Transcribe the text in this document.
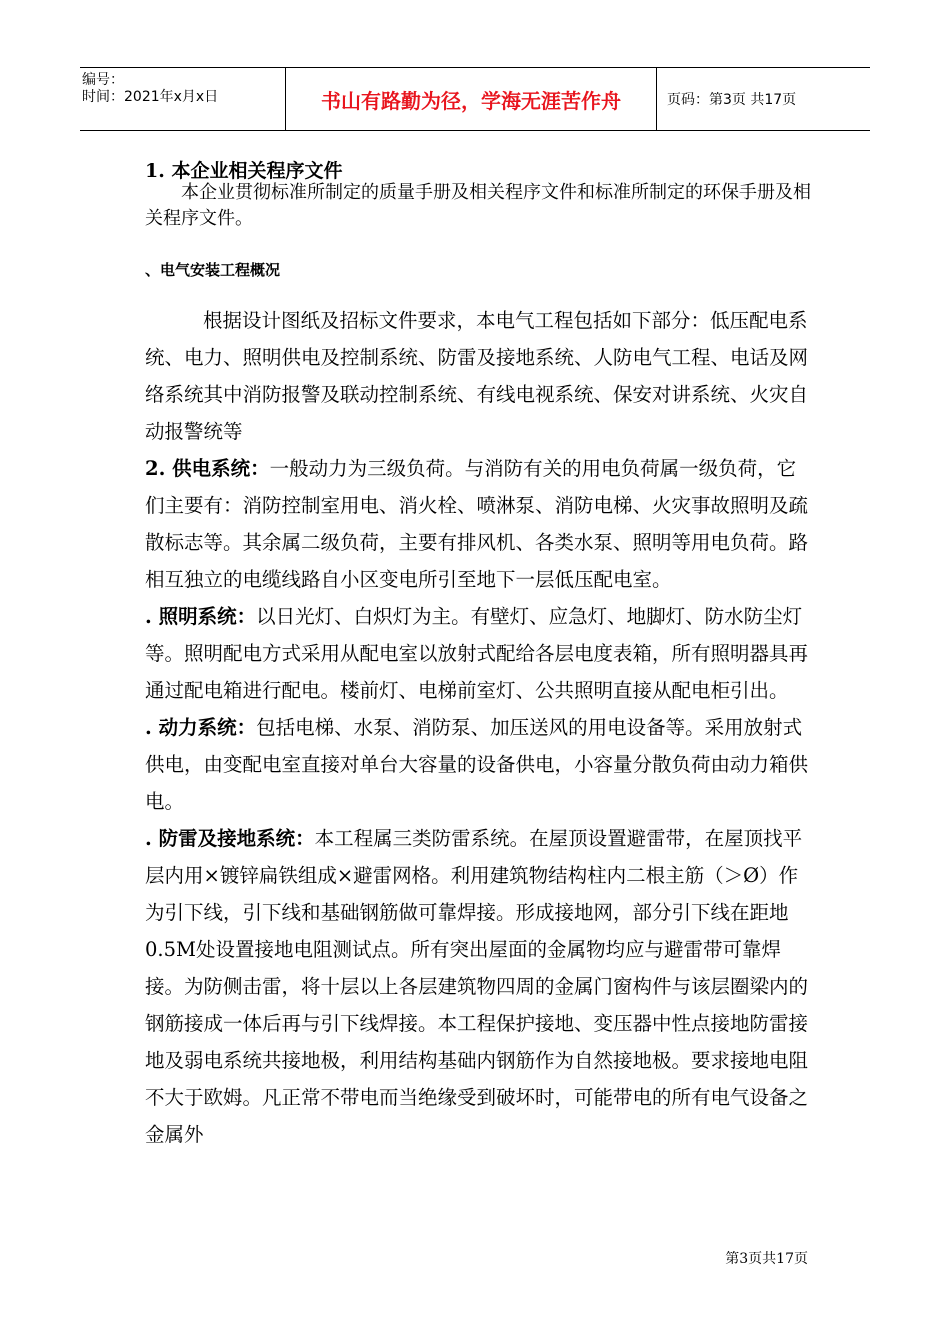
编号：
时间：2021年x月x日	书山有路勤为径，学海无涯苦作舟	页码：第3页 共17页
1. 本企业相关程序文件

本企业贯彻标准所制定的质量手册及相关程序文件和标准所制定的环保手册及相关程序文件。

、电气安装工程概况

根据设计图纸及招标文件要求，本电气工程包括如下部分：低压配电系统、电力、照明供电及控制系统、防雷及接地系统、人防电气工程、电话及网络系统其中消防报警及联动控制系统、有线电视系统、保安对讲系统、火灾自动报警统等

2. 供电系统：一般动力为三级负荷。与消防有关的用电负荷属一级负荷，它们主要有：消防控制室用电、消火栓、喷淋泵、消防电梯、火灾事故照明及疏散标志等。其余属二级负荷，主要有排风机、各类水泵、照明等用电负荷。路相互独立的电缆线路自小区变电所引至地下一层低压配电室。

. 照明系统：以日光灯、白炽灯为主。有壁灯、应急灯、地脚灯、防水防尘灯等。照明配电方式采用从配电室以放射式配给各层电度表箱，所有照明器具再通过配电箱进行配电。楼前灯、电梯前室灯、公共照明直接从配电柜引出。

. 动力系统：包括电梯、水泵、消防泵、加压送风的用电设备等。采用放射式供电，由变配电室直接对单台大容量的设备供电，小容量分散负荷由动力箱供电。

. 防雷及接地系统：本工程属三类防雷系统。在屋顶设置避雷带，在屋顶找平层内用×镀锌扁铁组成×避雷网格。利用建筑物结构柱内二根主筋（＞Ø）作为引下线，引下线和基础钢筋做可靠焊接。形成接地网，部分引下线在距地0.5M处设置接地电阻测试点。所有突出屋面的金属物均应与避雷带可靠焊接。为防侧击雷，将十层以上各层建筑物四周的金属门窗构件与该层圈梁内的钢筋接成一体后再与引下线焊接。本工程保护接地、变压器中性点接地防雷接地及弱电系统共接地极，利用结构基础内钢筋作为自然接地极。要求接地电阻不大于欧姆。凡正常不带电而当绝缘受到破坏时，可能带电的所有电气设备之金属外

第3页共17页
